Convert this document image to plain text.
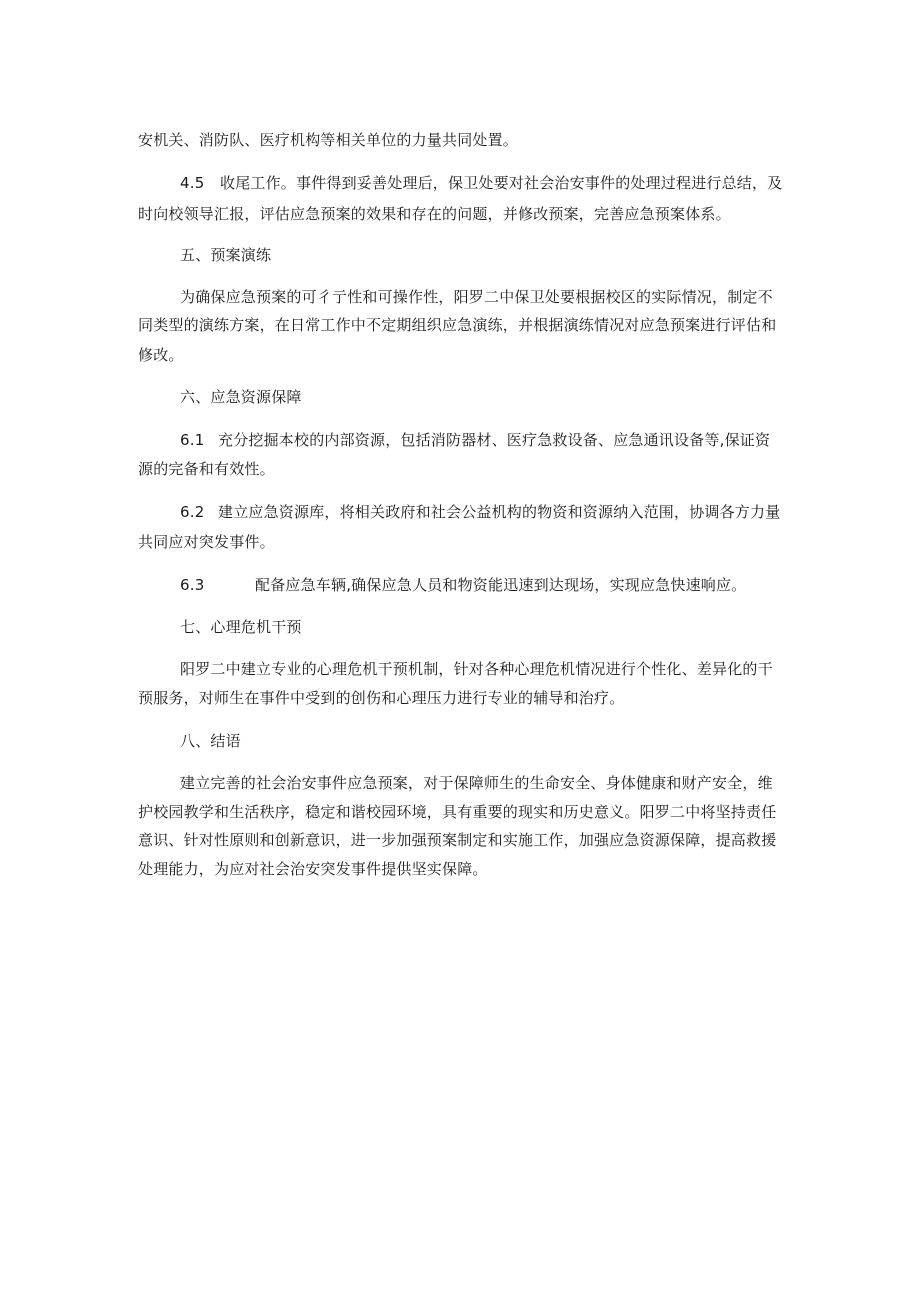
安机关、消防队、医疗机构等相关单位的力量共同处置。
4.5 收尾工作。事件得到妥善处理后，保卫处要对社会治安事件的处理过程进行总结，及
时向校领导汇报，评估应急预案的效果和存在的问题，并修改预案，完善应急预案体系。
五、预案演练
为确保应急预案的可彳亍性和可操作性，阳罗二中保卫处要根据校区的实际情况，制定不
同类型的演练方案，在日常工作中不定期组织应急演练，并根据演练情况对应急预案进行评估和
修改。
六、应急资源保障
6.1 充分挖掘本校的内部资源，包括消防器材、医疗急救设备、应急通讯设备等,保证资
源的完备和有效性。
6.2 建立应急资源库，将相关政府和社会公益机构的物资和资源纳入范围，协调各方力量
共同应对突发事件。
6.3	配备应急车辆,确保应急人员和物资能迅速到达现场，实现应急快速响应。
七、心理危机干预
阳罗二中建立专业的心理危机干预机制，针对各种心理危机情况进行个性化、差异化的干
预服务，对师生在事件中受到的创伤和心理压力进行专业的辅导和治疗。
八、结语
建立完善的社会治安事件应急预案，对于保障师生的生命安全、身体健康和财产安全，维
护校园教学和生活秩序，稳定和谐校园环境，具有重要的现实和历史意义。阳罗二中将坚持责任
意识、针对性原则和创新意识，进一步加强预案制定和实施工作，加强应急资源保障，提高救援
处理能力，为应对社会治安突发事件提供坚实保障。
